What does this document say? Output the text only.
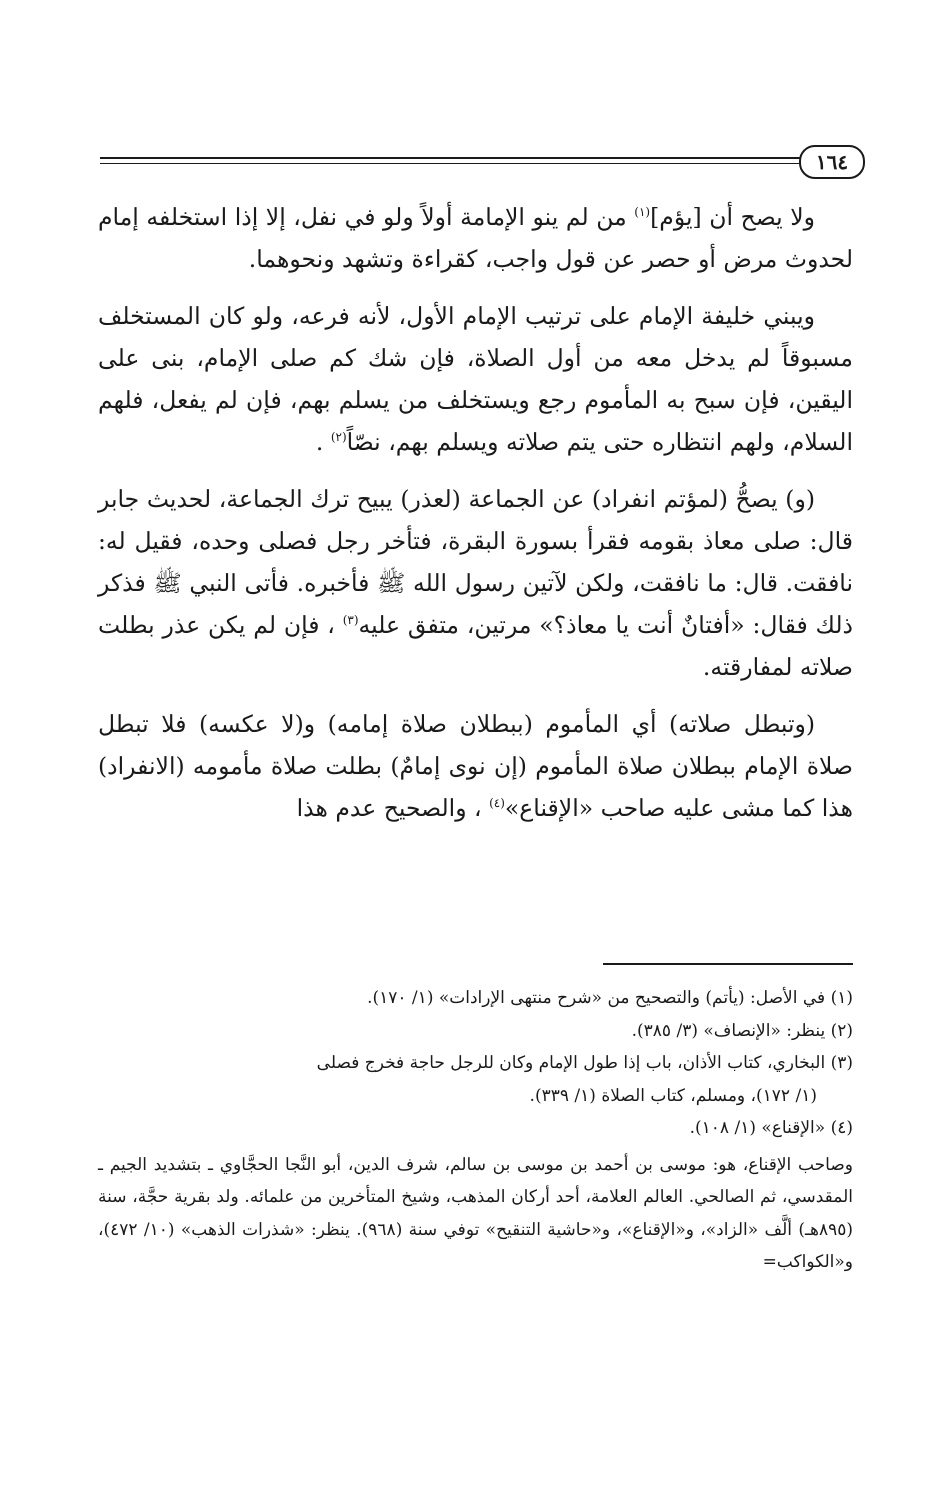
١٦٤

ولا يصح أن [يؤم]$^{(١)}$ من لم ينو الإمامة أولاً ولو في نفل، إلا إذا استخلفه إمام لحدوث مرض أو حصر عن قول واجب، كقراءة وتشهد ونحوهما.

ويبني خليفة الإمام على ترتيب الإمام الأول، لأنه فرعه، ولو كان المستخلف مسبوقاً لم يدخل معه من أول الصلاة، فإن شك كم صلى الإمام، بنى على اليقين، فإن سبح به المأموم رجع ويستخلف من يسلم بهم، فإن لم يفعل، فلهم السلام، ولهم انتظاره حتى يتم صلاته ويسلم بهم، نصّاً$^{(٢)}$ .

(و) يصحُّ (لمؤتم انفراد) عن الجماعة (لعذر) يبيح ترك الجماعة، لحديث جابر قال: صلى معاذ بقومه فقرأ بسورة البقرة، فتأخر رجل فصلى وحده، فقيل له: نافقت. قال: ما نافقت، ولكن لآتين رسول الله ﷺ فأخبره. فأتى النبي ﷺ فذكر ذلك فقال: «أفتانٌ أنت يا معاذ؟» مرتين، متفق عليه$^{(٣)}$ ، فإن لم يكن عذر بطلت صلاته لمفارقته.

(وتبطل صلاته) أي المأموم (ببطلان صلاة إمامه) و(لا عكسه) فلا تبطل صلاة الإمام ببطلان صلاة المأموم (إن نوى إمامٌ) بطلت صلاة مأمومه (الانفراد) هذا كما مشى عليه صاحب «الإقناع»$^{(٤)}$ ، والصحيح عدم هذا

(١) في الأصل: (يأتم) والتصحيح من «شرح منتهى الإرادات» (١/ ١٧٠).

(٢) ينظر: «الإنصاف» (٣/ ٣٨٥).

(٣) البخاري، كتاب الأذان، باب إذا طول الإمام وكان للرجل حاجة فخرج فصلى

(١/ ١٧٢)، ومسلم، كتاب الصلاة (١/ ٣٣٩).

(٤) «الإقناع» (١/ ١٠٨).

وصاحب الإقناع، هو: موسى بن أحمد بن موسى بن سالم، شرف الدين، أبو النَّجا الحجَّاوي ـ بتشديد الجيم ـ المقدسي، ثم الصالحي. العالم العلامة، أحد أركان المذهب، وشيخ المتأخرين من علمائه. ولد بقرية حجَّة، سنة (٨٩٥هـ) ألَّف «الزاد»، و«الإقناع»، و«حاشية التنقيح» توفي سنة (٩٦٨). ينظر: «شذرات الذهب» (١٠/ ٤٧٢)، و«الكواكب=
